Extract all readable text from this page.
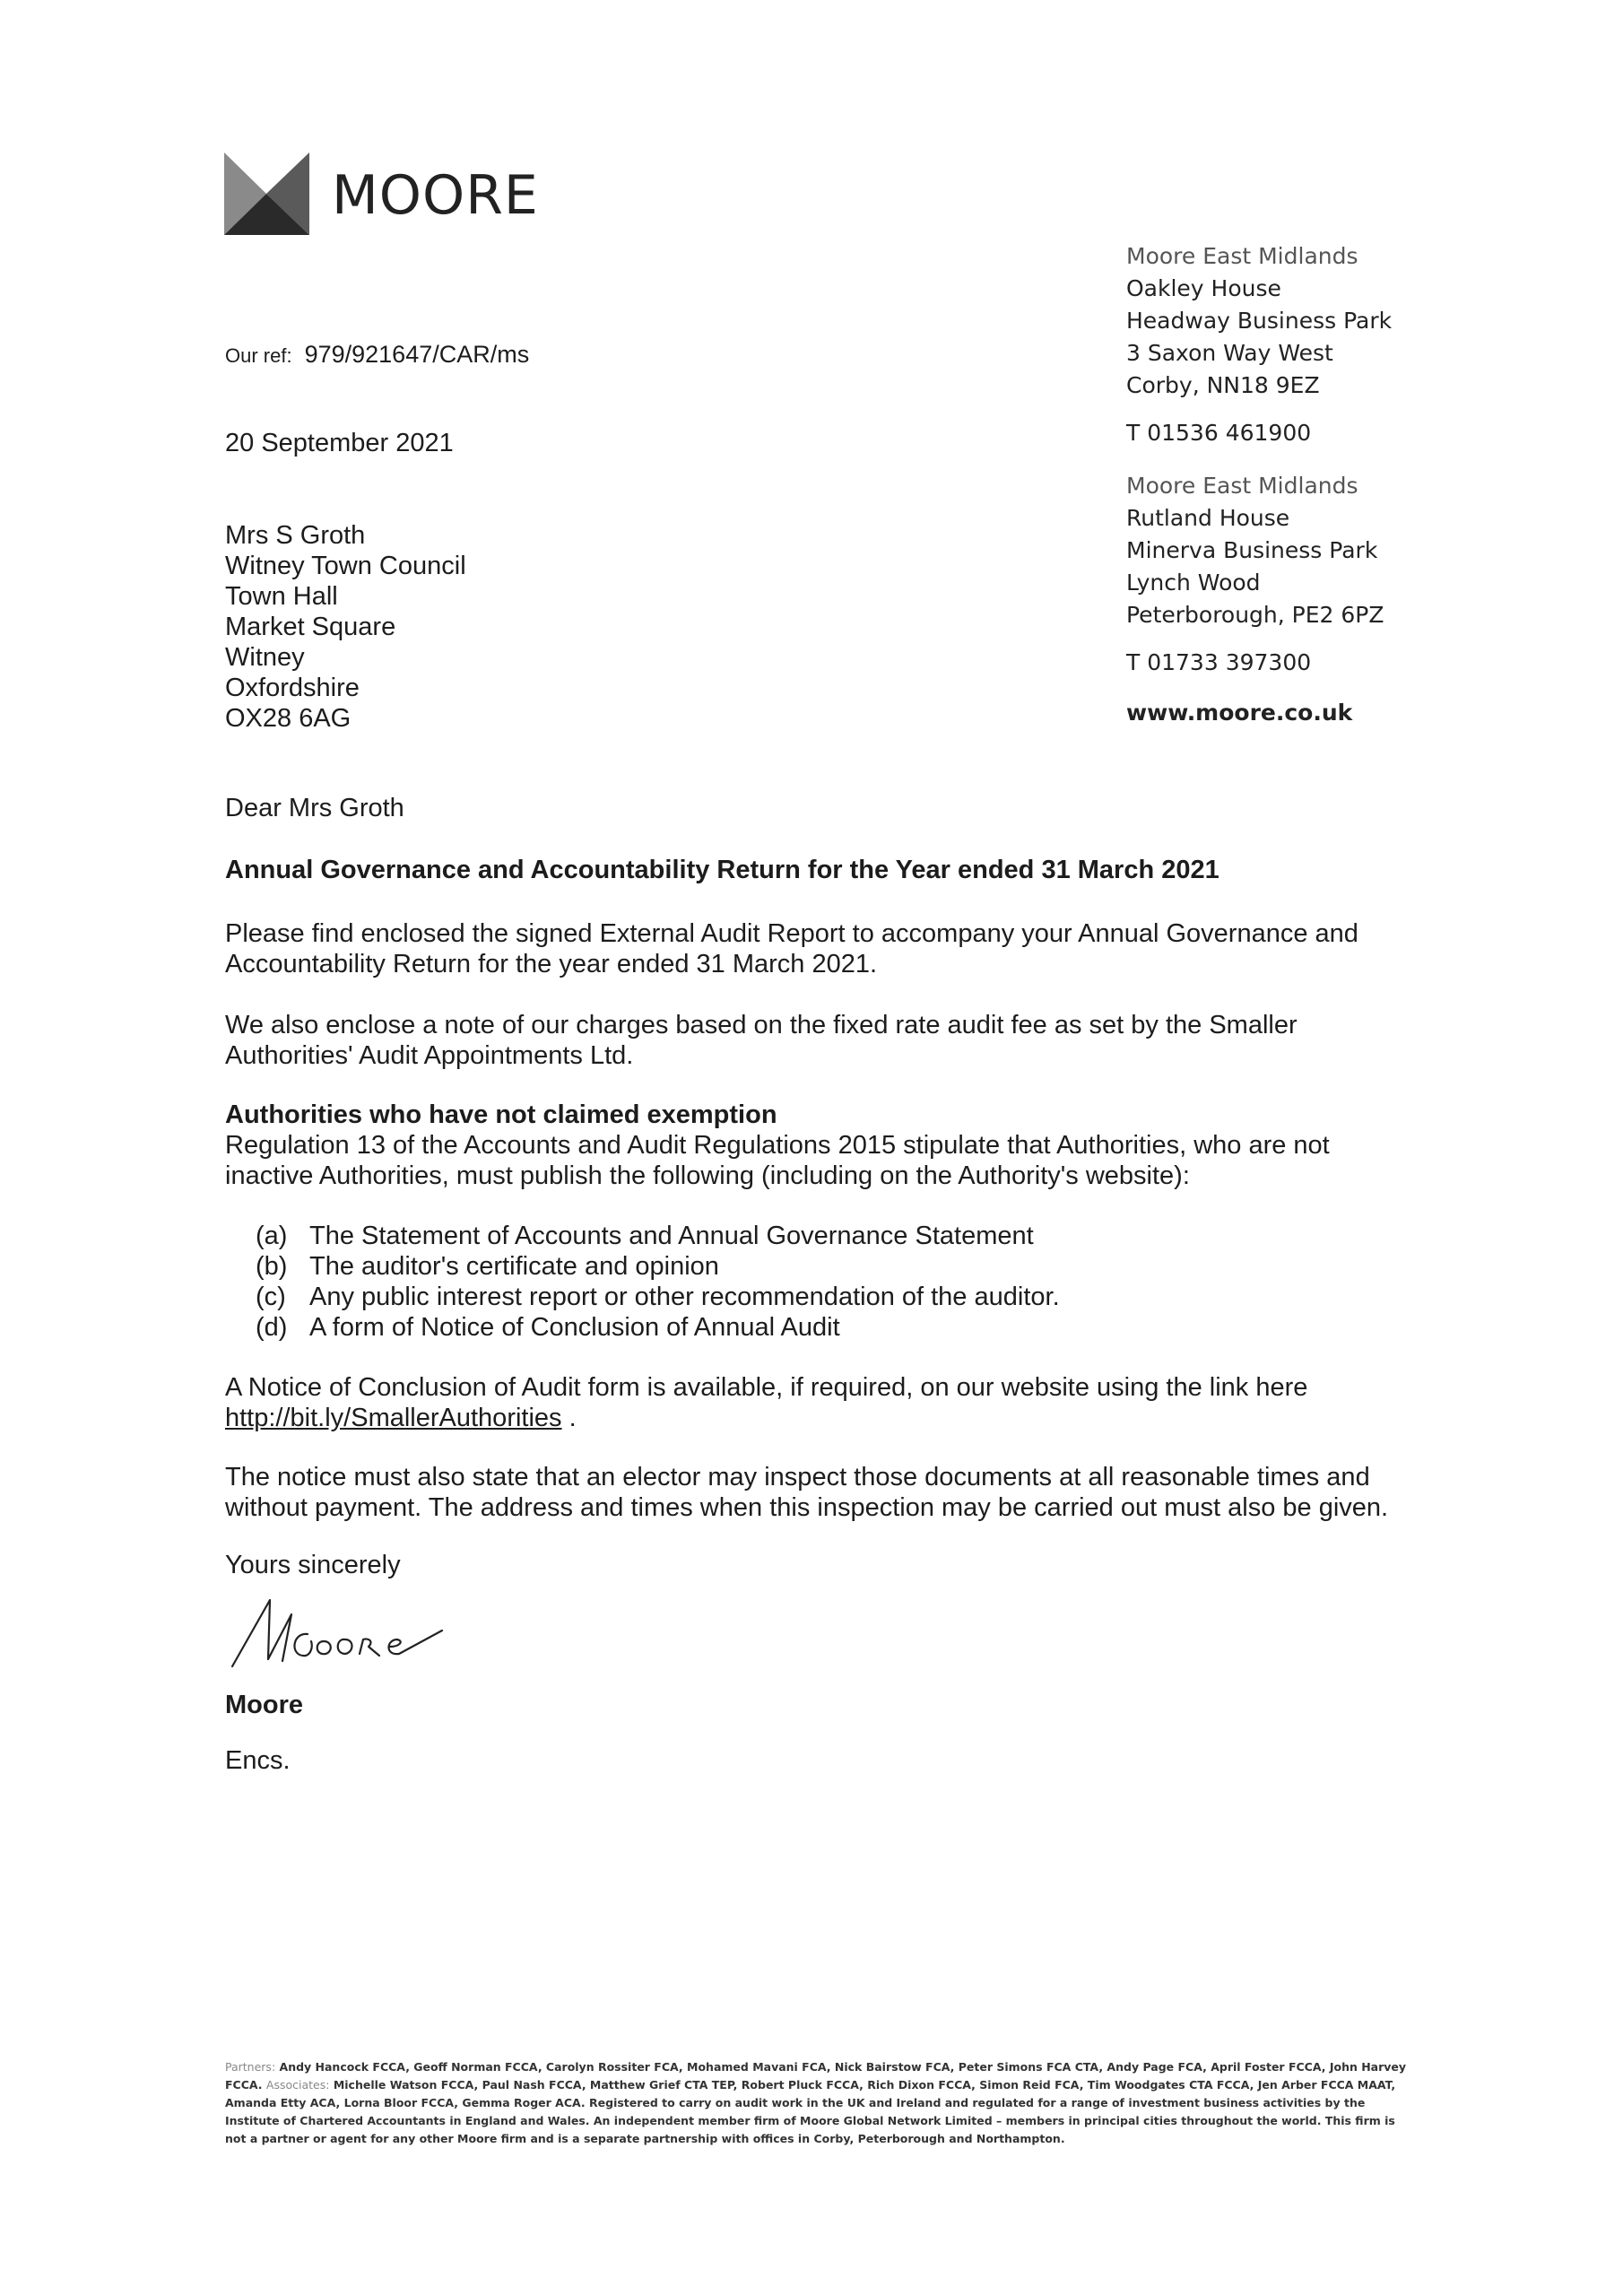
MOORE
Moore East Midlands
Oakley House
Headway Business Park
3 Saxon Way West
Corby, NN18 9EZ
T 01536 461900
Moore East Midlands
Rutland House
Minerva Business Park
Lynch Wood
Peterborough, PE2 6PZ
T 01733 397300
www.moore.co.uk
Our ref: 979/921647/CAR/ms
20 September 2021
Mrs S Groth
Witney Town Council
Town Hall
Market Square
Witney
Oxfordshire
OX28 6AG
Dear Mrs Groth
Annual Governance and Accountability Return for the Year ended 31 March 2021
Please find enclosed the signed External Audit Report to accompany your Annual Governance and Accountability Return for the year ended 31 March 2021.
We also enclose a note of our charges based on the fixed rate audit fee as set by the Smaller Authorities' Audit Appointments Ltd.
Authorities who have not claimed exemption
Regulation 13 of the Accounts and Audit Regulations 2015 stipulate that Authorities, who are not inactive Authorities, must publish the following (including on the Authority's website):
(a) The Statement of Accounts and Annual Governance Statement
(b) The auditor's certificate and opinion
(c) Any public interest report or other recommendation of the auditor.
(d) A form of Notice of Conclusion of Annual Audit
A Notice of Conclusion of Audit form is available, if required, on our website using the link here
http://bit.ly/SmallerAuthorities .
The notice must also state that an elector may inspect those documents at all reasonable times and without payment. The address and times when this inspection may be carried out must also be given.
Yours sincerely
Moore
Encs.
Partners: Andy Hancock FCCA, Geoff Norman FCCA, Carolyn Rossiter FCA, Mohamed Mavani FCA, Nick Bairstow FCA, Peter Simons FCA CTA, Andy Page FCA, April Foster FCCA, John Harvey FCCA. Associates: Michelle Watson FCCA, Paul Nash FCCA, Matthew Grief CTA TEP, Robert Pluck FCCA, Rich Dixon FCCA, Simon Reid FCA, Tim Woodgates CTA FCCA, Jen Arber FCCA MAAT, Amanda Etty ACA, Lorna Bloor FCCA, Gemma Roger ACA. Registered to carry on audit work in the UK and Ireland and regulated for a range of investment business activities by the Institute of Chartered Accountants in England and Wales. An independent member firm of Moore Global Network Limited – members in principal cities throughout the world. This firm is not a partner or agent for any other Moore firm and is a separate partnership with offices in Corby, Peterborough and Northampton.
